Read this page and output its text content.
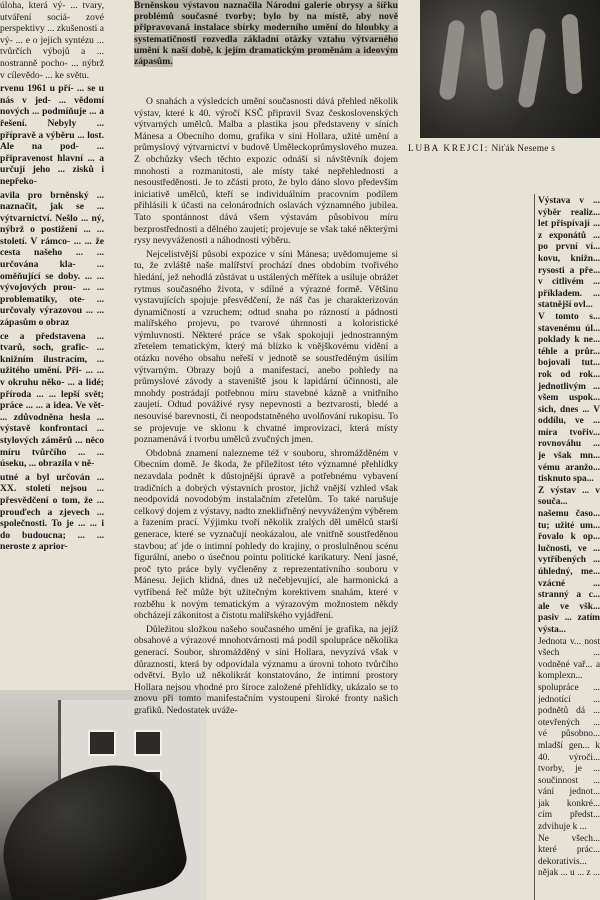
úloha, která vý- ... tvary, utváření sociá- zové perspektivy ... zkušenosti a vý- ... e o jejich syntézu ... tvůrčích výbojů a ... nostranně pocho- ... nýbrž v cílevědo- ... ke světu.

rvenu 1961 u pří- ... se u nás v jed- ... vědomí nových ... podmíňuje ... a řešení. Nebyly ... přípravě a výběru ... lost. Ale na pod- ... připravenost hlavní ... a určují jeho ... zisků i nepřeko-

avila pro brněnský ... naznačit, jak se ... výtvarnictví. Nešlo ... ný, nýbrž o postižení ... ... století. V rámco- ... ... že cesta našeho ... ... určována kla- ... oměňující se doby. ... ... vývojových prou- ... ... problematiky, ote- ... určovaly výrazovou ... ... zápasům o obraz

ce a představena ... tvarů, soch, grafic- ... knižním ilustracím, ... užitého umění. Při- ... ... v okruhu něko- ... a lidé; příroda ... ... lepší svět; práce ... ... a idea. Ve vět- ... zdůvodněna hesla ... výstavě konfrontaci ... stylových záměrů ... něco míru tvůrčího ... ... úseku, ... obrazila v ně-

utné a byl určován ... XX. století nejsou ... přesvědčení o tom, že ... prouďech a zjevech ... společnosti. To je ... ... i do budoucna; ... ... neroste z aprior-

Brněnskou výstavou naznačila Národní galerie obrysy a šířku problémů současné tvorby; bylo by na místě, aby nově připravovaná instalace sbírky moderního umění do hloubky a systematičnosti rozvedla základní otázky vztahu výtvarného umění k naší době, k jejím dramatickým proměnám a ideovým zápasům.
LUBA KREJČÍ: Niťák Neseme s

O snahách a výsledcích umění současnosti dává přehled několik výstav, které k 40. výročí KSČ připravil Svaz československých výtvarných umělců. Malba a plastika jsou představeny v síních Mánesa a Obecního domu, grafika v síni Hollara, užité umění a průmyslový výtvarnictví v budově Uměleckoprůmyslového muzea. Z obchůzky všech těchto expozic odnáší si návštěvník dojem mnohosti a rozmanitosti, ale místy také nepřehlednosti a nesoustředěnosti. Je to zčásti proto, že bylo dáno slovo především iniciativě umělců, kteří se individuálním pracovním podílem přihlásili k účasti na celonárodních oslavách významného jubilea. Tato spontánnost dává všem výstavám působivou míru bezprostřednosti a dělného zaujetí; projevuje se však také některými rysy nevyváženosti a náhodnosti výběru.

Nejcelistvější působí expozice v síni Mánesa; uvědomujeme si tu, že zvláště naše malířství prochází dnes obdobím tvořivého hledání, jež nehodlá zůstávat u ustálených měřítek a usiluje obrážet rytmus současného života, v sdílné a výrazné formě. Většinu vystavujících spojuje přesvědčení, že náš čas je charakterizován dynamičností a vzruchem; odtud snaha po rázností a pádnosti malířského projevu, po tvarové úhrnnosti a koloristické výmluvnosti. Některé práce se však spokojují jednostranným zřetelem tematickým, který má blízko k vnějškovému vidění a otázku nového obsahu neřeší v jednotě se soustředěným úsilím výtvarným. Obrazy bojů a manifestací, anebo pohledy na průmyslové závody a staveniště jsou k lapidární účinnosti, ale mnohdy postrádají potřebnou míru stavebné kázně a vnitřního zaujetí. Odtud pováživé rysy nepevnosti a beztvarosti, bledé a nesouvisé barevnosti, či neopodstatněného uvolňování rukopisu. To se projevuje ve sklonu k chvatné improvizaci, která místy poznamenává i tvorbu umělců zvučných jmen.

Obdobná znamení nalezneme též v souboru, shromážděném v Obecním domě. Je škoda, že příležitost této významné přehlídky nezavdala podnět k důstojnější úpravě a potřebnému vybavení tradičních a dobrých výstavních prostor, jichž vnější vzhled však neodpovídá novodobým instalačním zřetelům. To také narušuje celkový dojem z výstavy, nadto znekliďněný nevyváženým výběrem a řazením prací. Výjimku tvoří několik zralých děl umělců starší generace, které se vyznačují neokázalou, ale vnitřně soustředěnou stavbou; ať jde o intimní pohledy do krajiny, o proslulněnou scénu figurální, anebo o úsečnou pointu politické karikatury. Není jasné, proč tyto práce byly vyčleněny z reprezentativního souboru v Mánesu. Jejich klidná, dnes už nečebjevující, ale harmonická a vytříbená řeč může být užitečným korektivem snahám, které v rozběhu k novým tematickým a výrazovým možnostem někdy obcházejí zákonitost a čistotu malířského vyjádření.

Důležitou složkou našeho současného umění je grafika, na jejíž obsahové a výrazové mnohotvárnosti má podíl spolupráce několika generací. Soubor, shromážděný v síni Hollara, nevyzívá však v důraznosti, která by odpovídala významu a úrovni tohoto tvůrčího odvětví. Bylo už několikrát konstatováno, že intimní prostory Hollara nejsou vhodné pro šíroce založené přehlídky, ukázalo se to znovu při tomto manifestačním vystoupení široké fronty našich grafiků. Nedostatek uváže-

Výstava v ... výběr realiz... let přispívají ... z exponátů ... po první ví... kovu, knižn... rysosti a pře... v citlivém ... příkladem. ... statnější ovl...

V tomto s... stavenému úl... poklady k ne... téhle a průr... bojovali tut... rok od rok... jednotlivým ... všem uspok... sich, dnes ... V oddílu, ve ... míra tvořiv... rovnováhu ... je však mn... vému aranžo... tisknuto spa...

Z výstav ... v souča... našemu časo... tu; užité um... řovalo k op... lučnosti, ve ... vytříbených ... úhledný, me... vzácné ... stranný a c... ale ve všk... pasiv ... zatím výsta...

Jednota v... nost všech ... vodněné vař... a komplexn... spolupráce ... jednotící ... podnětů dá ... otevřených ... vé působno... mladší gen... k 40. výroči... tvorby, je ... součinnost ... vání jednot... jak konkré... cím předst... zdvihuje k ...

Ne všech... které prác... dekorativis... nějak ... u ... z ...
